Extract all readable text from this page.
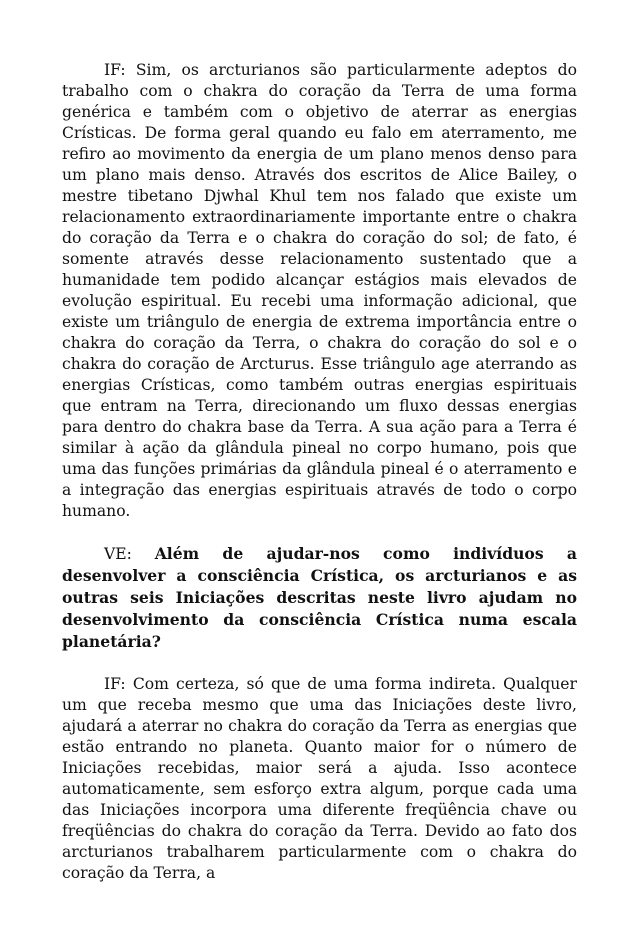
IF: Sim, os arcturianos são particularmente adeptos do trabalho com o chakra do coração da Terra de uma forma genérica e também com o objetivo de aterrar as energias Crísticas. De forma geral quando eu falo em aterramento, me refiro ao movimento da energia de um plano menos denso para um plano mais denso. Através dos escritos de Alice Bailey, o mestre tibetano Djwhal Khul tem nos falado que existe um relacionamento extraordinariamente importante entre o chakra do coração da Terra e o chakra do coração do sol; de fato, é somente através desse relacionamento sustentado que a humanidade tem podido alcançar estágios mais elevados de evolução espiritual. Eu recebi uma informação adicional, que existe um triângulo de energia de extrema importância entre o chakra do coração da Terra, o chakra do coração do sol e o chakra do coração de Arcturus. Esse triângulo age aterrando as energias Crísticas, como também outras energias espirituais que entram na Terra, direcionando um fluxo dessas energias para dentro do chakra base da Terra. A sua ação para a Terra é similar à ação da glândula pineal no corpo humano, pois que uma das funções primárias da glândula pineal é o aterramento e a integração das energias espirituais através de todo o corpo humano.

VE: Além de ajudar-nos como indivíduos a desenvolver a consciência Crística, os arcturianos e as outras seis Iniciações descritas neste livro ajudam no desenvolvimento da consciência Crística numa escala planetária?

IF: Com certeza, só que de uma forma indireta. Qualquer um que receba mesmo que uma das Iniciações deste livro, ajudará a aterrar no chakra do coração da Terra as energias que estão entrando no planeta. Quanto maior for o número de Iniciações recebidas, maior será a ajuda. Isso acontece automaticamente, sem esforço extra algum, porque cada uma das Iniciações incorpora uma diferente freqüência chave ou freqüências do chakra do coração da Terra. Devido ao fato dos arcturianos trabalharem particularmente com o chakra do coração da Terra, a
